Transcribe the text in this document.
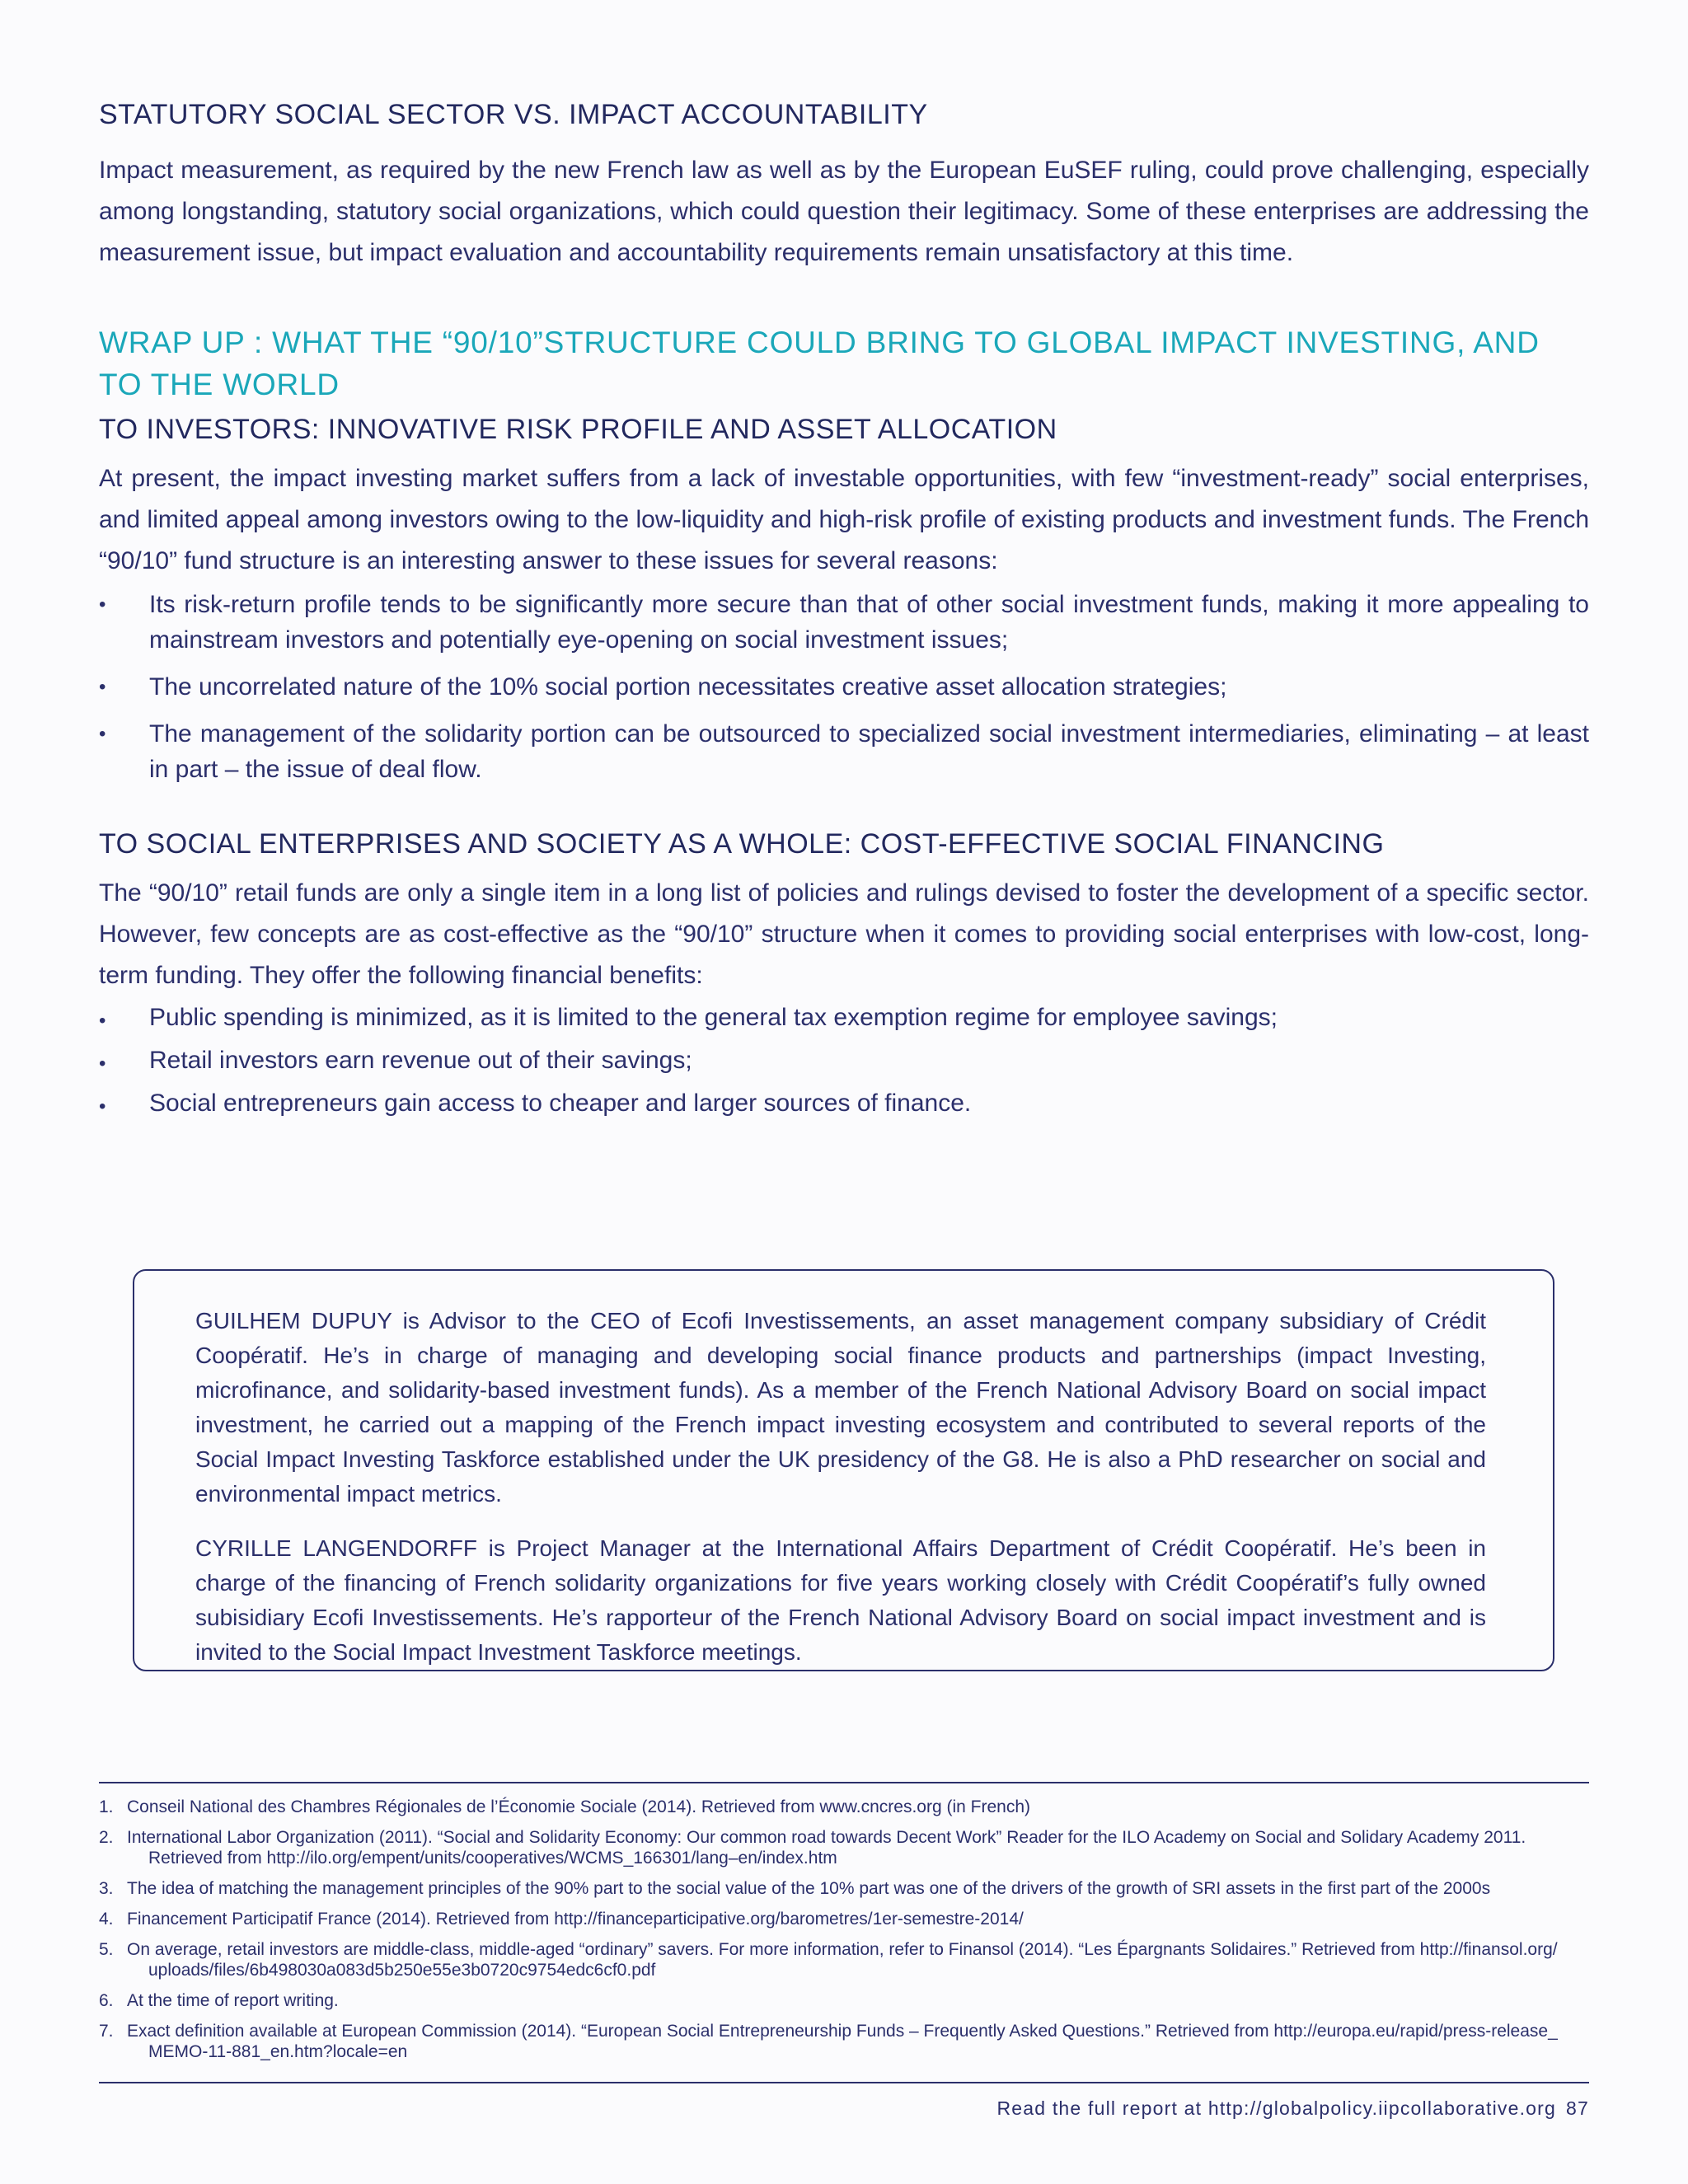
STATUTORY SOCIAL SECTOR VS. IMPACT ACCOUNTABILITY

Impact measurement, as required by the new French law as well as by the European EuSEF ruling, could prove challenging, especially among longstanding, statutory social organizations, which could question their legitimacy. Some of these enterprises are addressing the measurement issue, but impact evaluation and accountability requirements remain unsatisfactory at this time.

WRAP UP : WHAT THE “90/10”STRUCTURE COULD BRING TO GLOBAL IMPACT INVESTING, AND TO THE WORLD
TO INVESTORS: INNOVATIVE RISK PROFILE AND ASSET ALLOCATION

At present, the impact investing market suffers from a lack of investable opportunities, with few “investment-ready” social enterprises, and limited appeal among investors owing to the low-liquidity and high-risk profile of existing products and investment funds. The French “90/10” fund structure is an interesting answer to these issues for several reasons:

• Its risk-return profile tends to be significantly more secure than that of other social investment funds, making it more appealing to mainstream investors and potentially eye-opening on social investment issues;
• The uncorrelated nature of the 10% social portion necessitates creative asset allocation strategies;
• The management of the solidarity portion can be outsourced to specialized social investment intermediaries, eliminating – at least in part – the issue of deal flow.
TO SOCIAL ENTERPRISES AND SOCIETY AS A WHOLE: COST-EFFECTIVE SOCIAL FINANCING

The “90/10” retail funds are only a single item in a long list of policies and rulings devised to foster the development of a specific sector. However, few concepts are as cost-effective as the “90/10” structure when it comes to providing social enterprises with low-cost, long-term funding. They offer the following financial benefits:

• Public spending is minimized, as it is limited to the general tax exemption regime for employee savings;
• Retail investors earn revenue out of their savings;
• Social entrepreneurs gain access to cheaper and larger sources of finance.

GUILHEM DUPUY is Advisor to the CEO of Ecofi Investissements, an asset management company subsidiary of Crédit Coopératif. He’s in charge of managing and developing social finance products and partnerships (impact Investing, microfinance, and solidarity-based investment funds). As a member of the French National Advisory Board on social impact investment, he carried out a mapping of the French impact investing ecosystem and contributed to several reports of the Social Impact Investing Taskforce established under the UK presidency of the G8. He is also a PhD researcher on social and environmental impact metrics.

CYRILLE LANGENDORFF is Project Manager at the International Affairs Department of Crédit Coopératif. He’s been in charge of the financing of French solidarity organizations for five years working closely with Crédit Coopératif’s fully owned subisidiary Ecofi Investissements. He’s rapporteur of the French National Advisory Board on social impact investment and is invited to the Social Impact Investment Taskforce meetings.

1. Conseil National des Chambres Régionales de l’Économie Sociale (2014). Retrieved from www.cncres.org (in French)
2. International Labor Organization (2011). “Social and Solidarity Economy: Our common road towards Decent Work” Reader for the ILO Academy on Social and Solidary Academy 2011.
Retrieved from http://ilo.org/empent/units/cooperatives/WCMS_166301/lang–en/index.htm
3. The idea of matching the management principles of the 90% part to the social value of the 10% part was one of the drivers of the growth of SRI assets in the first part of the 2000s
4. Financement Participatif France (2014). Retrieved from http://financeparticipative.org/barometres/1er-semestre-2014/
5. On average, retail investors are middle-class, middle-aged “ordinary” savers. For more information, refer to Finansol (2014). “Les Épargnants Solidaires.” Retrieved from http://finansol.org/
uploads/files/6b498030a083d5b250e55e3b0720c9754edc6cf0.pdf
6. At the time of report writing.
7. Exact definition available at European Commission (2014). “European Social Entrepreneurship Funds – Frequently Asked Questions.” Retrieved from http://europa.eu/rapid/press-release_
MEMO-11-881_en.htm?locale=en
Read the full report at http://globalpolicy.iipcollaborative.org 87
